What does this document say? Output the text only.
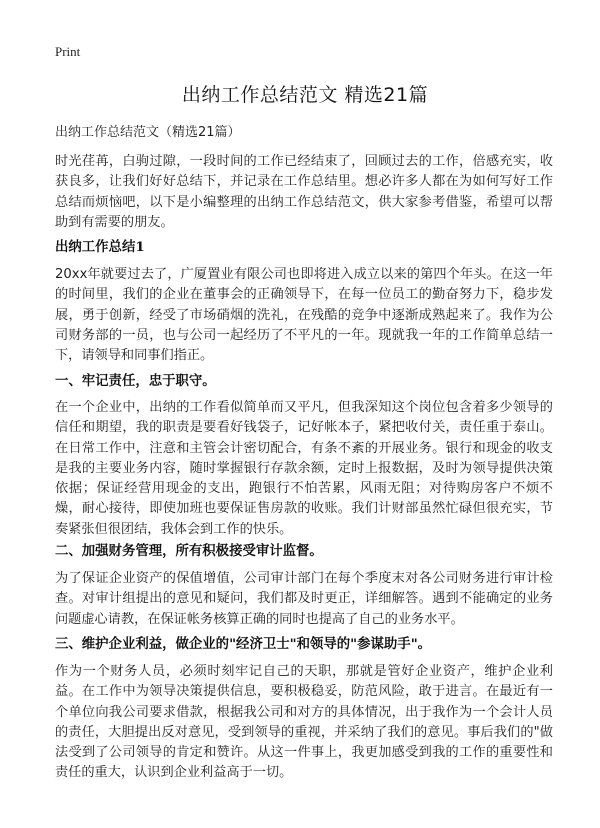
Print
出纳工作总结范文 精选21篇
出纳工作总结范文（精选21篇）

时光荏苒，白驹过隙，一段时间的工作已经结束了，回顾过去的工作，倍感充实，收获良多，让我们好好总结下，并记录在工作总结里。想必许多人都在为如何写好工作总结而烦恼吧，以下是小编整理的出纳工作总结范文，供大家参考借鉴，希望可以帮助到有需要的朋友。

出纳工作总结1

20xx年就要过去了，广厦置业有限公司也即将进入成立以来的第四个年头。在这一年的时间里，我们的企业在董事会的正确领导下，在每一位员工的勤奋努力下，稳步发展，勇于创新，经受了市场硝烟的洗礼，在残酷的竞争中逐渐成熟起来了。我作为公司财务部的一员，也与公司一起经历了不平凡的一年。现就我一年的工作简单总结一下，请领导和同事们指正。

一、牢记责任，忠于职守。

在一个企业中，出纳的工作看似简单而又平凡，但我深知这个岗位包含着多少领导的信任和期望，我的职责是要看好钱袋子，记好帐本子，紧把收付关，责任重于泰山。在日常工作中，注意和主管会计密切配合，有条不紊的开展业务。银行和现金的收支是我的主要业务内容，随时掌握银行存款余额，定时上报数据，及时为领导提供决策依据；保证经营用现金的支出，跑银行不怕苦累，风雨无阻；对待购房客户不烦不燥，耐心接待，即使加班也要保证售房款的收账。我们计财部虽然忙碌但很充实，节奏紧张但很团结，我体会到工作的快乐。

二、加强财务管理，所有积极接受审计监督。

为了保证企业资产的保值增值，公司审计部门在每个季度末对各公司财务进行审计检查。对审计组提出的意见和疑问，我们都及时更正，详细解答。遇到不能确定的业务问题虚心请教，在保证帐务核算正确的同时也提高了自己的业务水平。

三、维护企业利益，做企业的"经济卫士"和领导的"参谋助手"。

作为一个财务人员，必须时刻牢记自己的天职，那就是管好企业资产，维护企业利益。在工作中为领导决策提供信息，要积极稳妥，防范风险，敢于进言。在最近有一个单位向我公司要求借款，根据我公司和对方的具体情况，出于我作为一个会计人员的责任，大胆提出反对意见，受到领导的重视，并采纳了我们的意见。事后我们的"做法受到了公司领导的肯定和赞许。从这一件事上，我更加感受到我的工作的重要性和责任的重大，认识到企业利益高于一切。
